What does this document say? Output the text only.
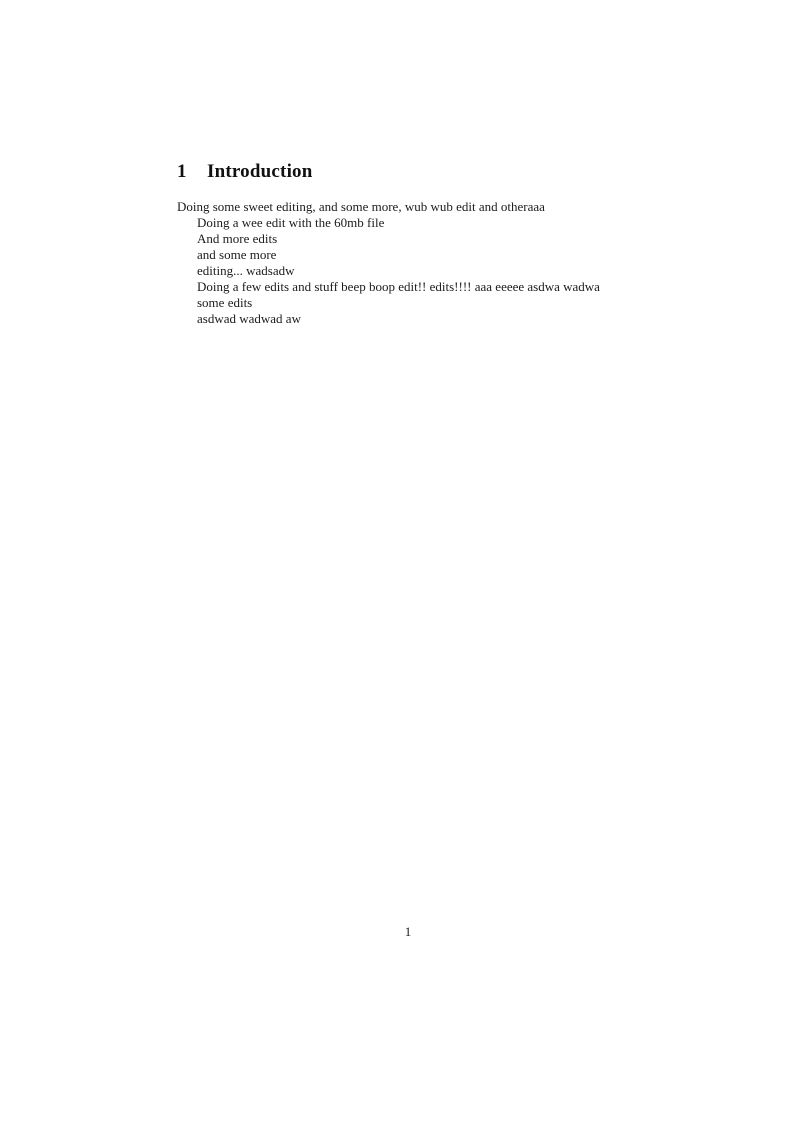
1	Introduction
Doing some sweet editing, and some more, wub wub edit and otheraaa
Doing a wee edit with the 60mb file
And more edits
and some more
editing... wadsadw
Doing a few edits and stuff beep boop edit!! edits!!!! aaa eeeee asdwa wadwa
some edits
asdwad wadwad aw
1
